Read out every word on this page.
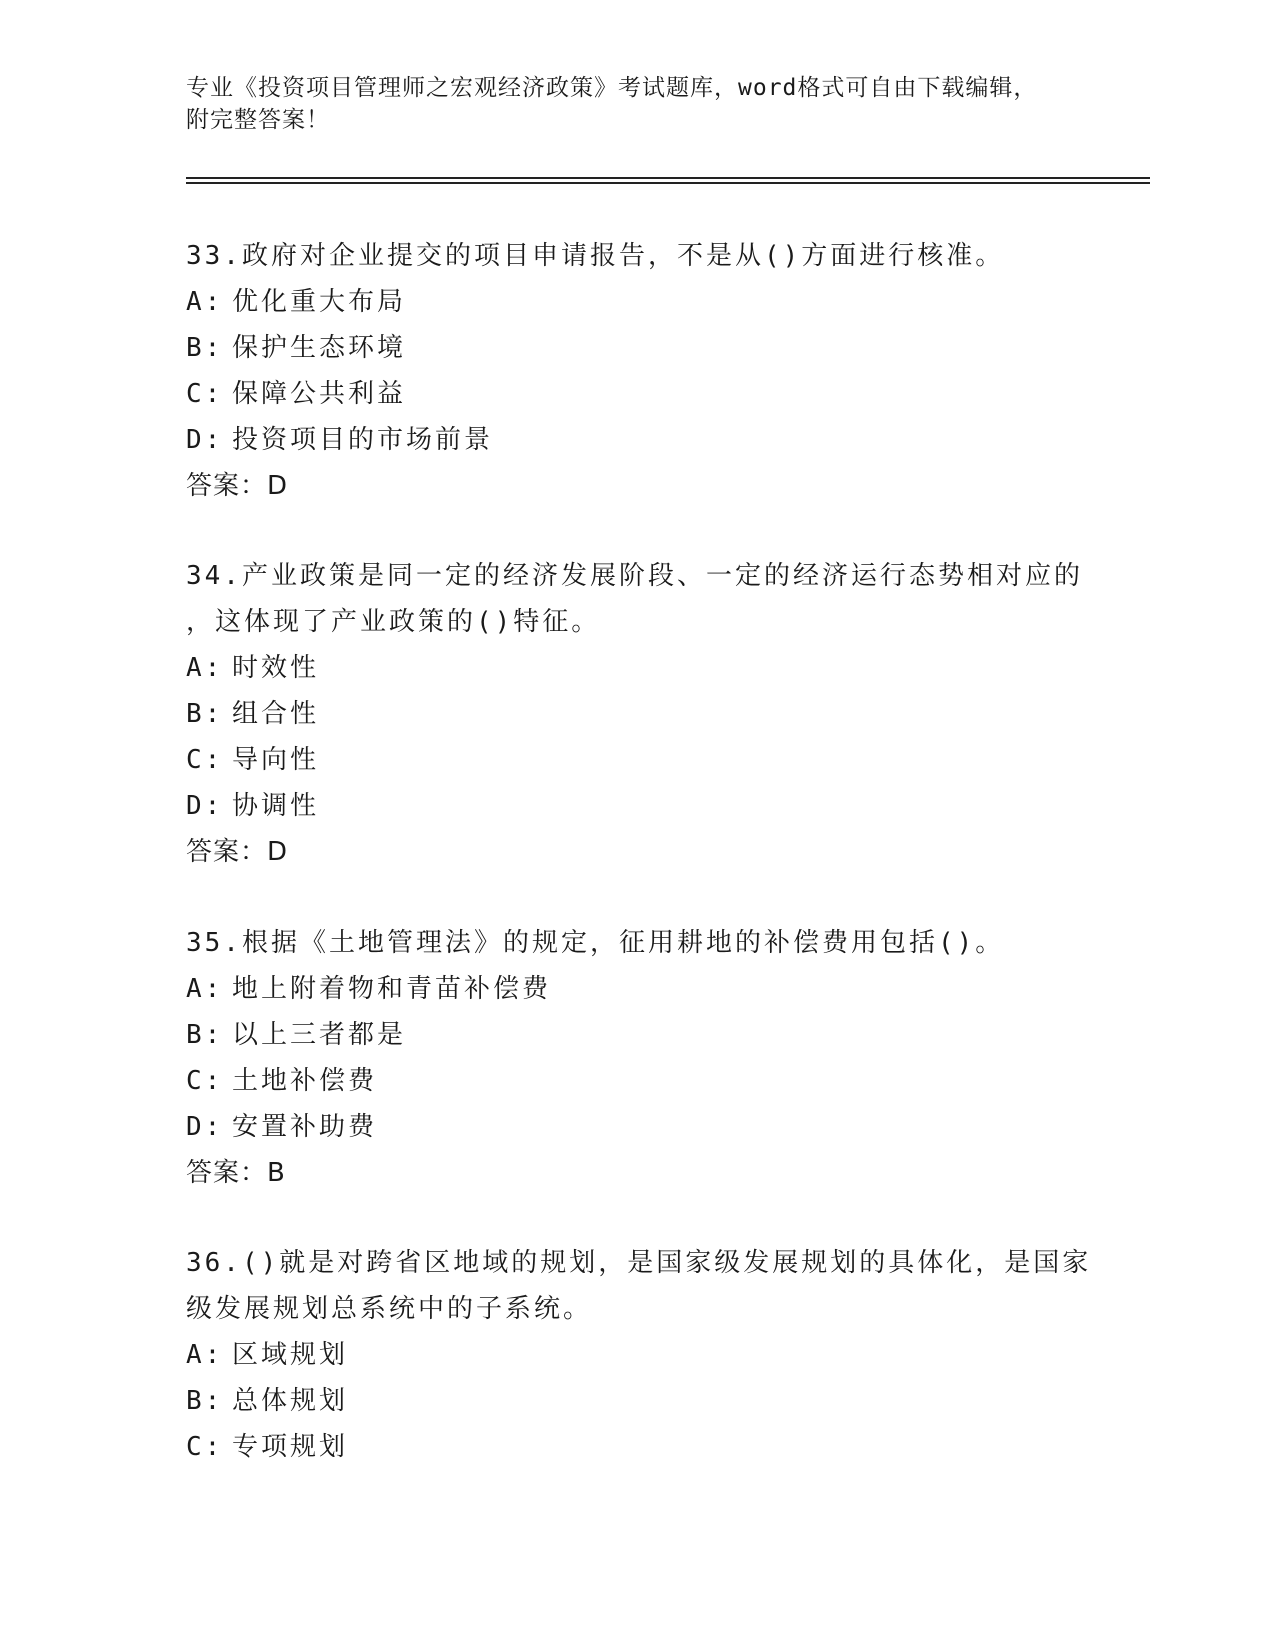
专业《投资项目管理师之宏观经济政策》考试题库，word格式可自由下载编辑，
附完整答案！
33.政府对企业提交的项目申请报告，不是从()方面进行核准。
A: 优化重大布局
B: 保护生态环境
C: 保障公共利益
D: 投资项目的市场前景
答案：D
34.产业政策是同一定的经济发展阶段、一定的经济运行态势相对应的
，这体现了产业政策的()特征。
A: 时效性
B: 组合性
C: 导向性
D: 协调性
答案：D
35.根据《土地管理法》的规定，征用耕地的补偿费用包括()。
A: 地上附着物和青苗补偿费
B: 以上三者都是
C: 土地补偿费
D: 安置补助费
答案：B
36.()就是对跨省区地域的规划，是国家级发展规划的具体化，是国家
级发展规划总系统中的子系统。
A: 区域规划
B: 总体规划
C: 专项规划
